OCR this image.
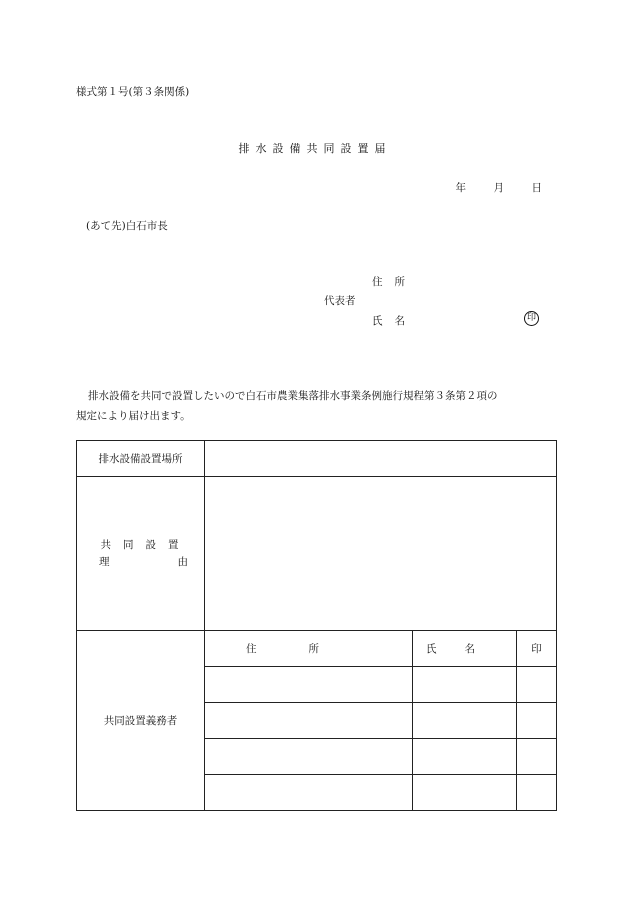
様式第１号(第３条関係)
排水設備共同設置届
年	月	日
(あて先)白石市長
住所
代表者
氏名	印
排水設備を共同で設置したいので白石市農業集落排水事業条例施行規程第３条第２項の
規定により届け出ます。
排水設備設置場所			

共同設置
理 由			

共同設置義務者	住所	氏名	印
